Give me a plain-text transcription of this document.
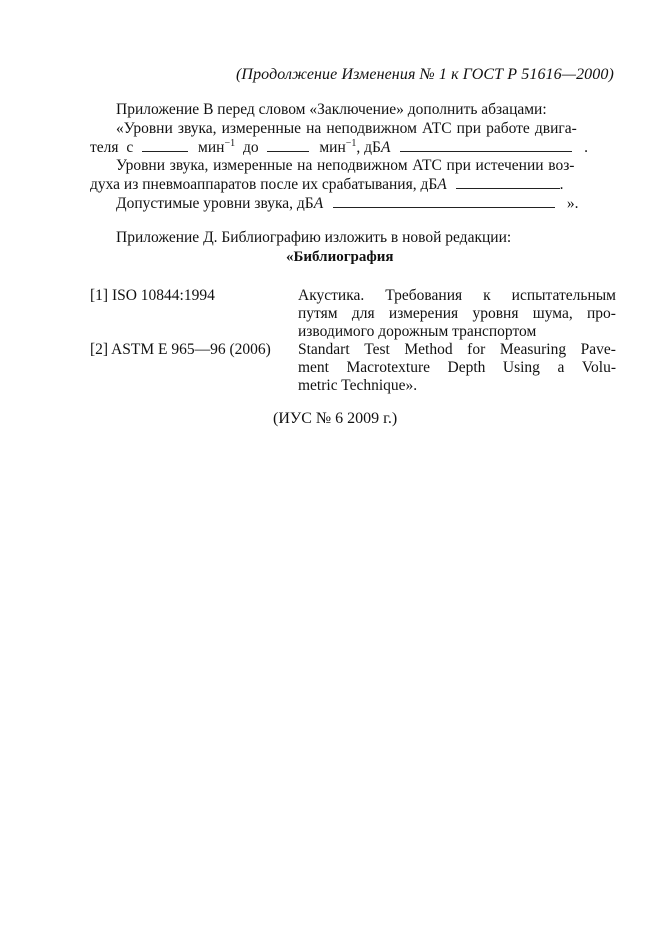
(Продолжение Изменения № 1 к ГОСТ Р 51616—2000)
Приложение В перед словом «Заключение» дополнить абзацами:
«Уровни звука, измеренные на неподвижном АТС при работе двига-
теля с	мин$^{-1}$ до	мин$^{-1}$, дБА	.
Уровни звука, измеренные на неподвижном АТС при истечении воз-
духа из пневмоаппаратов после их срабатывания, дБА	.
Допустимые уровни звука, дБА	».
Приложение Д. Библиографию изложить в новой редакции:
«Библиография
[1] ISO 10844:1994	Акустика. Требования к испытательным
путям для измерения уровня шума, про-
изводимого дорожным транспортом
[2] ASTM E 965—96 (2006) Standart Test Method for Measuring Pave-
ment Macrotexture Depth Using a Volu-
metric Technique».
(ИУС № 6 2009 г.)
